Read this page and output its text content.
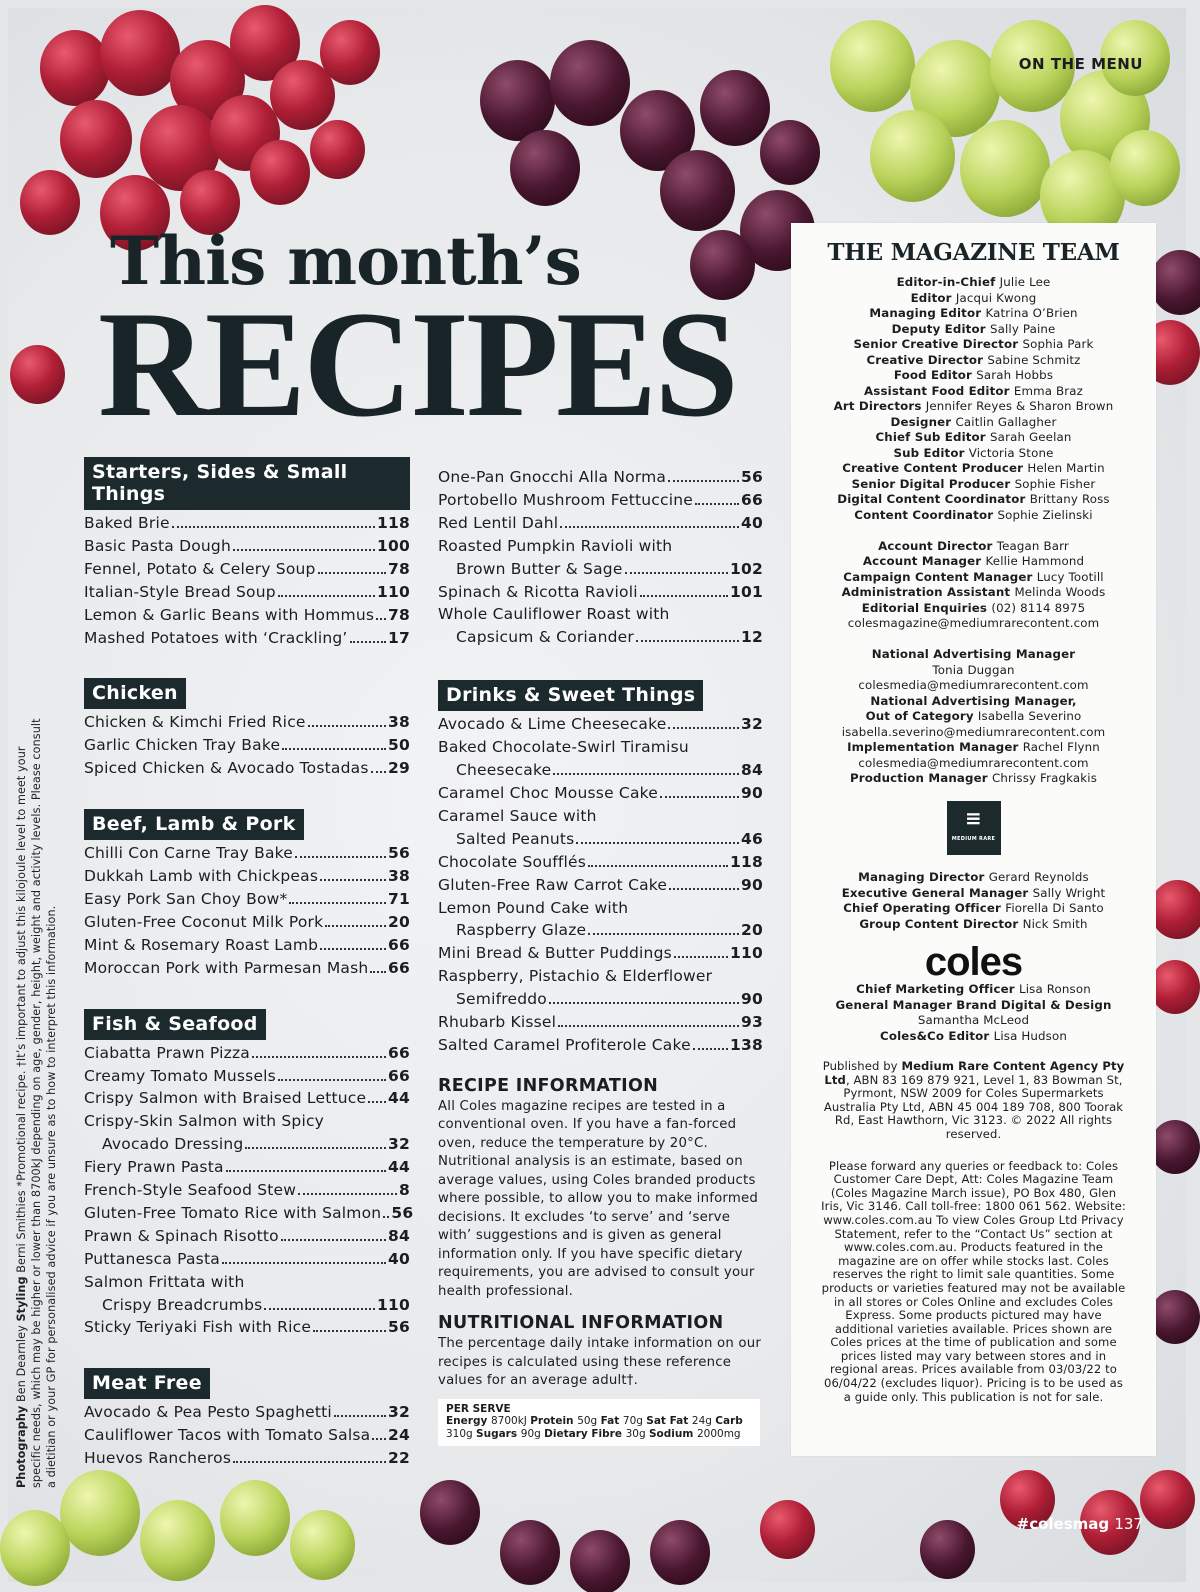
ON THE MENU
This month’s
RECIPES
Starters, Sides & Small Things
Baked Brie	118
Basic Pasta Dough	100
Fennel, Potato & Celery Soup	78
Italian-Style Bread Soup	110
Lemon & Garlic Beans with Hommus 78
Mashed Potatoes with ‘Crackling’	17
Chicken
Chicken & Kimchi Fried Rice	38
Garlic Chicken Tray Bake	50
Spiced Chicken & Avocado Tostadas 29
Beef, Lamb & Pork
Chilli Con Carne Tray Bake	56
Dukkah Lamb with Chickpeas	38
Easy Pork San Choy Bow*	71
Gluten-Free Coconut Milk Pork	20
Mint & Rosemary Roast Lamb	66
Moroccan Pork with Parmesan Mash 66
Fish & Seafood
Ciabatta Prawn Pizza	66
Creamy Tomato Mussels	66
Crispy Salmon with Braised Lettuce 44
Crispy-Skin Salmon with Spicy
Avocado Dressing	32
Fiery Prawn Pasta	44
French-Style Seafood Stew	8
Gluten-Free Tomato Rice with Salmon 56
Prawn & Spinach Risotto	84
Puttanesca Pasta	40
Salmon Frittata with
Crispy Breadcrumbs	110
Sticky Teriyaki Fish with Rice	56
Meat Free
Avocado & Pea Pesto Spaghetti	32
Cauliflower Tacos with Tomato Salsa 24
Huevos Rancheros	22
One-Pan Gnocchi Alla Norma	56
Portobello Mushroom Fettuccine	66
Red Lentil Dahl	40
Roasted Pumpkin Ravioli with
Brown Butter & Sage	102
Spinach & Ricotta Ravioli	101
Whole Cauliflower Roast with
Capsicum & Coriander	12
Drinks & Sweet Things
Avocado & Lime Cheesecake	32
Baked Chocolate-Swirl Tiramisu
Cheesecake	84
Caramel Choc Mousse Cake	90
Caramel Sauce with
Salted Peanuts	46
Chocolate Soufflés	118
Gluten-Free Raw Carrot Cake	90
Lemon Pound Cake with
Raspberry Glaze	20
Mini Bread & Butter Puddings	110
Raspberry, Pistachio & Elderflower
Semifreddo	90
Rhubarb Kissel	93
Salted Caramel Profiterole Cake	138
RECIPE INFORMATION
All Coles magazine recipes are tested in a conventional oven. If you have a fan-forced oven, reduce the temperature by 20°C. Nutritional analysis is an estimate, based on average values, using Coles branded products where possible, to allow you to make informed decisions. It excludes ‘to serve’ and ‘serve with’ suggestions and is given as general information only. If you have specific dietary requirements, you are advised to consult your health professional.
NUTRITIONAL INFORMATION
The percentage daily intake information on our recipes is calculated using these reference values for an average adult†.
PER SERVE
Energy 8700kJ Protein 50g Fat 70g Sat Fat 24g Carb 310g Sugars 90g Dietary Fibre 30g Sodium 2000mg
THE MAGAZINE TEAM
Editor-in-Chief Julie Lee
Editor Jacqui Kwong
Managing Editor Katrina O’Brien
Deputy Editor Sally Paine
Senior Creative Director Sophia Park
Creative Director Sabine Schmitz
Food Editor Sarah Hobbs
Assistant Food Editor Emma Braz
Art Directors Jennifer Reyes & Sharon Brown
Designer Caitlin Gallagher
Chief Sub Editor Sarah Geelan
Sub Editor Victoria Stone
Creative Content Producer Helen Martin
Senior Digital Producer Sophie Fisher
Digital Content Coordinator Brittany Ross
Content Coordinator Sophie Zielinski
Account Director Teagan Barr
Account Manager Kellie Hammond
Campaign Content Manager Lucy Tootill
Administration Assistant Melinda Woods
Editorial Enquiries (02) 8114 8975
colesmagazine@mediumrarecontent.com
National Advertising Manager
Tonia Duggan
colesmedia@mediumrarecontent.com
National Advertising Manager,
Out of Category Isabella Severino
isabella.severino@mediumrarecontent.com
Implementation Manager Rachel Flynn
colesmedia@mediumrarecontent.com
Production Manager Chrissy Fragkakis
≡
MEDIUM RARE
Managing Director Gerard Reynolds
Executive General Manager Sally Wright
Chief Operating Officer Fiorella Di Santo
Group Content Director Nick Smith
coles
Chief Marketing Officer Lisa Ronson
General Manager Brand Digital & Design
Samantha McLeod
Coles&Co Editor Lisa Hudson
Published by Medium Rare Content Agency Pty Ltd, ABN 83 169 879 921, Level 1, 83 Bowman St, Pyrmont, NSW 2009 for Coles Supermarkets Australia Pty Ltd, ABN 45 004 189 708, 800 Toorak Rd, East Hawthorn, Vic 3123. © 2022 All rights reserved.
Please forward any queries or feedback to: Coles Customer Care Dept, Att: Coles Magazine Team (Coles Magazine March issue), PO Box 480, Glen Iris, Vic 3146. Call toll-free: 1800 061 562. Website: www.coles.com.au To view Coles Group Ltd Privacy Statement, refer to the “Contact Us” section at www.coles.com.au. Products featured in the magazine are on offer while stocks last. Coles reserves the right to limit sale quantities. Some products or varieties featured may not be available in all stores or Coles Online and excludes Coles Express. Some products pictured may have additional varieties available. Prices shown are Coles prices at the time of publication and some prices listed may vary between stores and in regional areas. Prices available from 03/03/22 to 06/04/22 (excludes liquor). Pricing is to be used as a guide only. This publication is not for sale.
Photography Ben Dearnley Styling Berni Smithies *Promotional recipe. †It’s important to adjust this kilojoule level to meet your specific needs, which may be higher or lower than 8700kJ depending on age, gender, height, weight and activity levels. Please consult a dietitian or your GP for personalised advice if you are unsure as to how to interpret this information.
#colesmag 137
